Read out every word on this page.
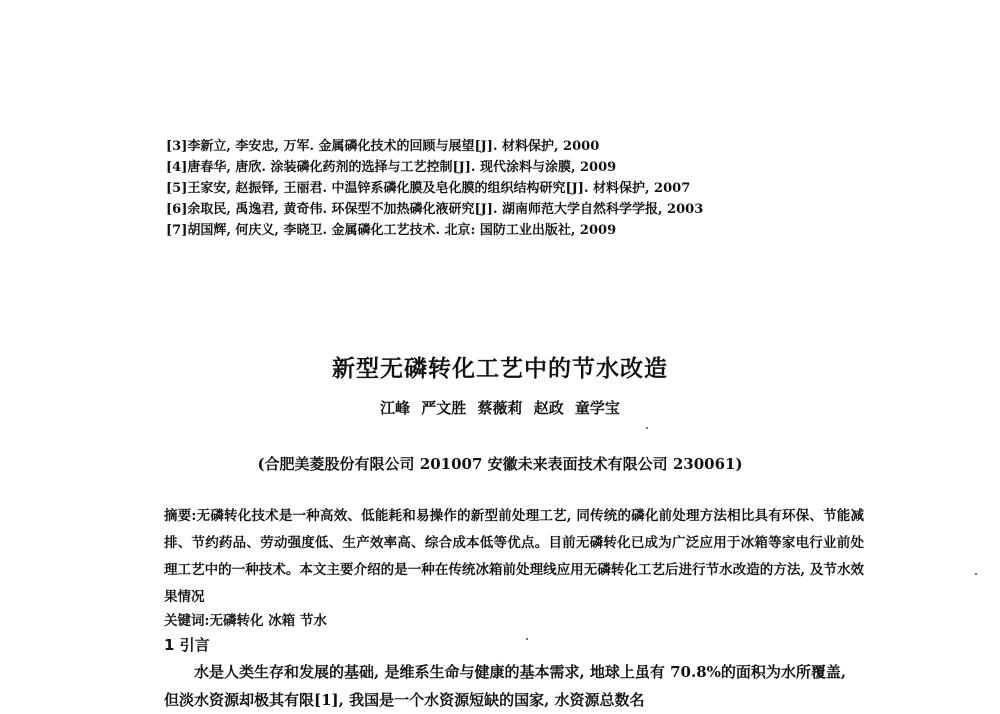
[3]李新立, 李安忠, 万军. 金属磷化技术的回顾与展望[J]. 材料保护, 2000
[4]唐春华, 唐欣. 涂装磷化药剂的选择与工艺控制[J]. 现代涂料与涂膜, 2009
[5]王家安, 赵振铎, 王丽君. 中温锌系磷化膜及皂化膜的组织结构研究[J]. 材料保护, 2007
[6]余取民, 禹逸君, 黄奇伟. 环保型不加热磷化液研究[J]. 湖南师范大学自然科学学报, 2003
[7]胡国辉, 何庆义, 李晓卫. 金属磷化工艺技术. 北京: 国防工业出版社, 2009
新型无磷转化工艺中的节水改造
江峰 严文胜 蔡薇莉 赵政 童学宝
(合肥美菱股份有限公司 201007 安徽未来表面技术有限公司 230061)
摘要:无磷转化技术是一种高效、低能耗和易操作的新型前处理工艺, 同传统的磷化前处理方法相比具有环保、节能减排、节约药品、劳动强度低、生产效率高、综合成本低等优点。目前无磷转化已成为广泛应用于冰箱等家电行业前处理工艺中的一种技术。本文主要介绍的是一种在传统冰箱前处理线应用无磷转化工艺后进行节水改造的方法, 及节水效果情况
关键词:无磷转化 冰箱 节水
1 引言
水是人类生存和发展的基础, 是维系生命与健康的基本需求, 地球上虽有 70.8%的面积为水所覆盖, 但淡水资源却极其有限[1], 我国是一个水资源短缺的国家, 水资源总数名
